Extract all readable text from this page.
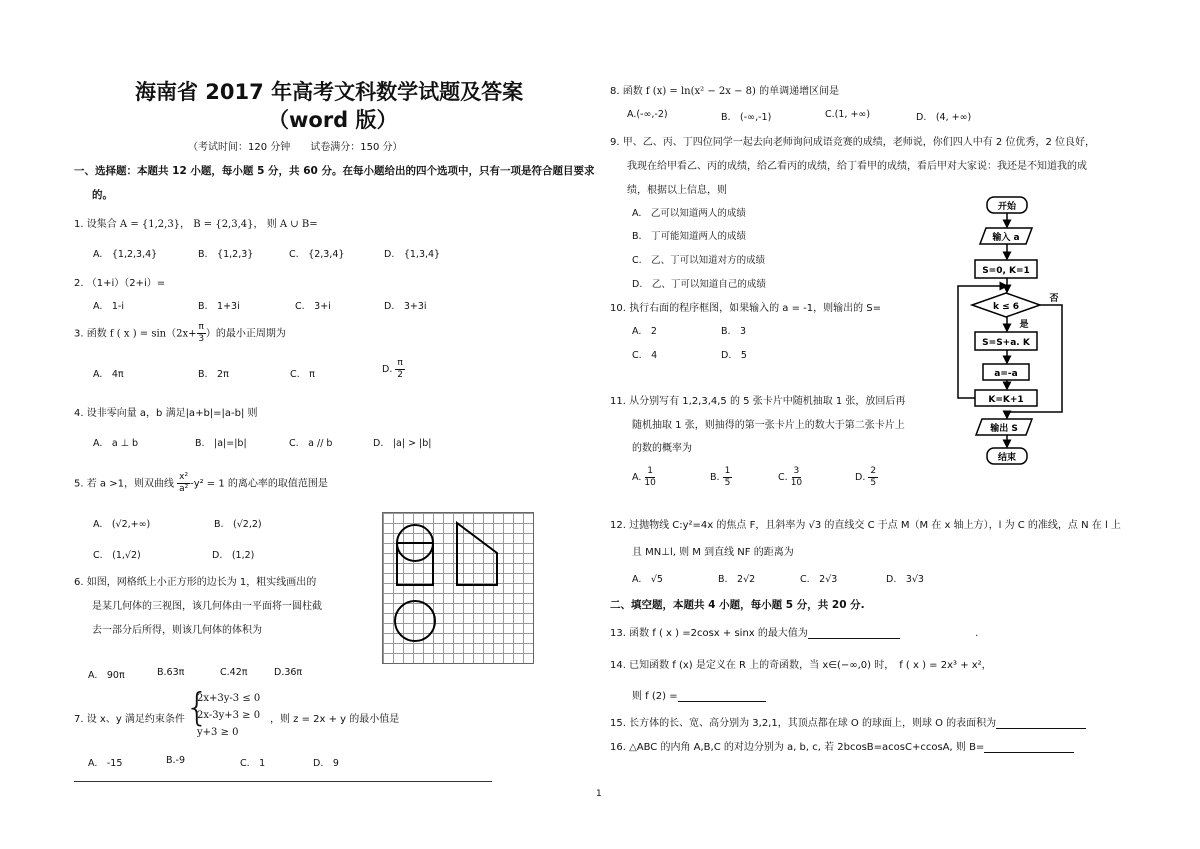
海南省 2017 年高考文科数学试题及答案
（word 版）
（考试时间：120 分钟　　试卷满分：150 分）
一、选择题：本题共 12 小题，每小题 5 分，共 60 分。在每小题给出的四个选项中，只有一项是符合题目要求
的。
1. 设集合 A = {1,2,3}， B = {2,3,4}， 则 A ∪ B=
A.　{1,2,3,4}	B.　{1,2,3}	C.　{2,3,4}	D.　{1,3,4}
2. （1+i）（2+i）=
A.　1-i	B.　1+3i	C.　3+i	D.　3+3i
3. 函数 f ( x ) = $\sin(2x+ \frac{\pi}{3}$ ）的最小正周期为
A.　4π	B.　2π	C.　π	D. $\frac{\pi}{2}$
4. 设非零向量 a，b 满足|a+b|=|a-b| 则
A.　a ⊥ b	B.　|a|=|b|	C.　a // b	D.　|a| > |b|
5. 若 a >1，则双曲线 $\frac{\text{x²}}{\text{a²}} -y^2 = 1$ 的离心率的取值范围是
A.　(√2,+∞)	B.　(√2,2)
C.　(1,√2)	D.　(1,2)
6. 如图，网格纸上小正方形的边长为 1，粗实线画出的
是某几何体的三视图，该几何体由一平面将一圆柱截
去一部分后所得，则该几何体的体积为
A.　90π	B.63π	C.42π	D.36π
7. 设 x、y 满足约束条件 {
2x+3y-3 ≤ 0
2x-3y+3 ≥ 0
y+3 ≥ 0
，则 z = 2x + y 的最小值是
A.　-15	B.-9	C.　1	D.　9
8. 函数 f (x) = ln(x² − 2x − 8) 的单调递增区间是
A.(-∞,-2)	B.　(-∞,-1)	C.(1, +∞)	D.　(4, +∞)
9. 甲、乙、丙、丁四位同学一起去向老师询问成语竞赛的成绩，老师说，你们四人中有 2 位优秀，2 位良好，
我现在给甲看乙、丙的成绩，给乙看丙的成绩，给丁看甲的成绩，看后甲对大家说：我还是不知道我的成
绩，根据以上信息，则
A.　乙可以知道两人的成绩
B.　丁可能知道两人的成绩
C.　乙、丁可以知道对方的成绩
D.　乙、丁可以知道自己的成绩
10. 执行右面的程序框图，如果输入的 a = -1，则输出的 S=
A.　2	B.　3
C.　4	D.　5
开始
输入 a
S=0, K=1
k ≤ 6
否
是
S=S+a. K
a=-a
K=K+1
输出 S
结束
11. 从分别写有 1,2,3,4,5 的 5 张卡片中随机抽取 1 张，放回后再
随机抽取 1 张，则抽得的第一张卡片上的数大于第二张卡片上
的数的概率为
A. $\frac{1}{10}$	B. $\frac{1}{5}$	C. $\frac{3}{10}$	D. $\frac{2}{5}$
12. 过抛物线 C:y²=4x 的焦点 F，且斜率为 √3 的直线交 C 于点 M（M 在 x 轴上方），l 为 C 的准线，点 N 在 l 上
且 MN⊥l, 则 M 到直线 NF 的距离为
A.　√5	B.　2√2	C.　2√3	D.　3√3
二、填空题，本题共 4 小题，每小题 5 分，共 20 分.
13. 函数 f ( x ) =2cosx + sinx 的最大值为	.
14. 已知函数 f (x) 是定义在 R 上的奇函数，当 x∈(−∞,0) 时，　f ( x ) = 2x³ + x²，
则 f (2) =
15. 长方体的长、宽、高分别为 3,2,1，其顶点都在球 O 的球面上，则球 O 的表面积为
16. △ABC 的内角 A,B,C 的对边分别为 a, b, c, 若 2bcosB=acosC+ccosA, 则 B=
1
